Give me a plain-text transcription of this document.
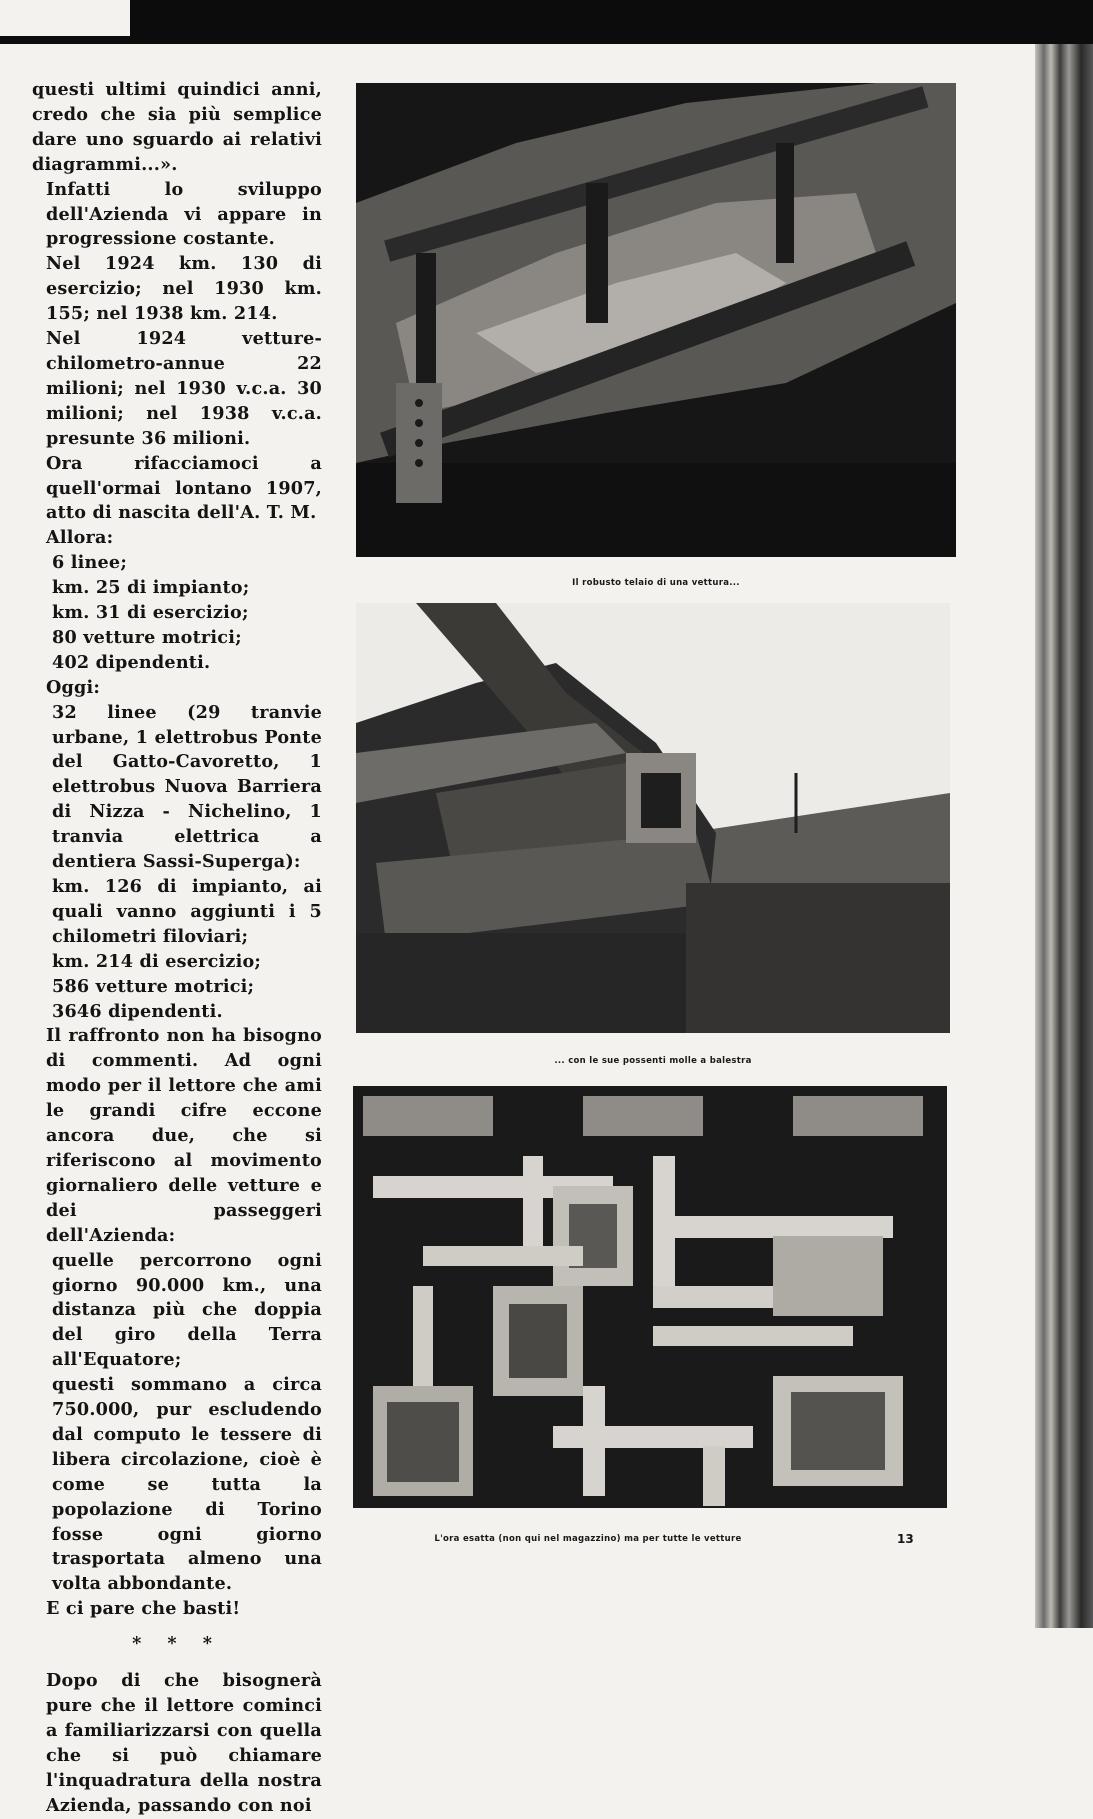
questi ultimi quindici anni, credo che sia più semplice dare uno sguardo ai relativi diagrammi...».

Infatti lo sviluppo dell'Azienda vi appare in progressione costante.

Nel 1924 km. 130 di esercizio; nel 1930 km. 155; nel 1938 km. 214.

Nel 1924 vetture-chilometro-annue 22 milioni; nel 1930 v.c.a. 30 milioni; nel 1938 v.c.a. presunte 36 milioni.

Ora rifacciamoci a quell'ormai lontano 1907, atto di nascita dell'A. T. M.

Allora:

6 linee;

km. 25 di impianto;

km. 31 di esercizio;

80 vetture motrici;

402 dipendenti.

Oggi:

32 linee (29 tranvie urbane, 1 elettrobus Ponte del Gatto-Cavoretto, 1 elettrobus Nuova Barriera di Nizza - Nichelino, 1 tranvia elettrica a dentiera Sassi-Superga):

km. 126 di impianto, ai quali vanno aggiunti i 5 chilometri filoviari;

km. 214 di esercizio;

586 vetture motrici;

3646 dipendenti.

Il raffronto non ha bisogno di commenti. Ad ogni modo per il lettore che ami le grandi cifre eccone ancora due, che si riferiscono al movimento giornaliero delle vetture e dei passeggeri dell'Azienda:

quelle percorrono ogni giorno 90.000 km., una distanza più che doppia del giro della Terra all'Equatore;

questi sommano a circa 750.000, pur escludendo dal computo le tessere di libera circolazione, cioè è come se tutta la popolazione di Torino fosse ogni giorno trasportata almeno una volta abbondante.

E ci pare che basti!

* * *

Dopo di che bisognerà pure che il lettore cominci a familiarizzarsi con quella che si può chiamare l'inquadratura della nostra Azienda, passando con noi

Il robusto telaio di una vettura...
... con le sue possenti molle a balestra
L'ora esatta (non qui nel magazzino) ma per tutte le vetture	13
